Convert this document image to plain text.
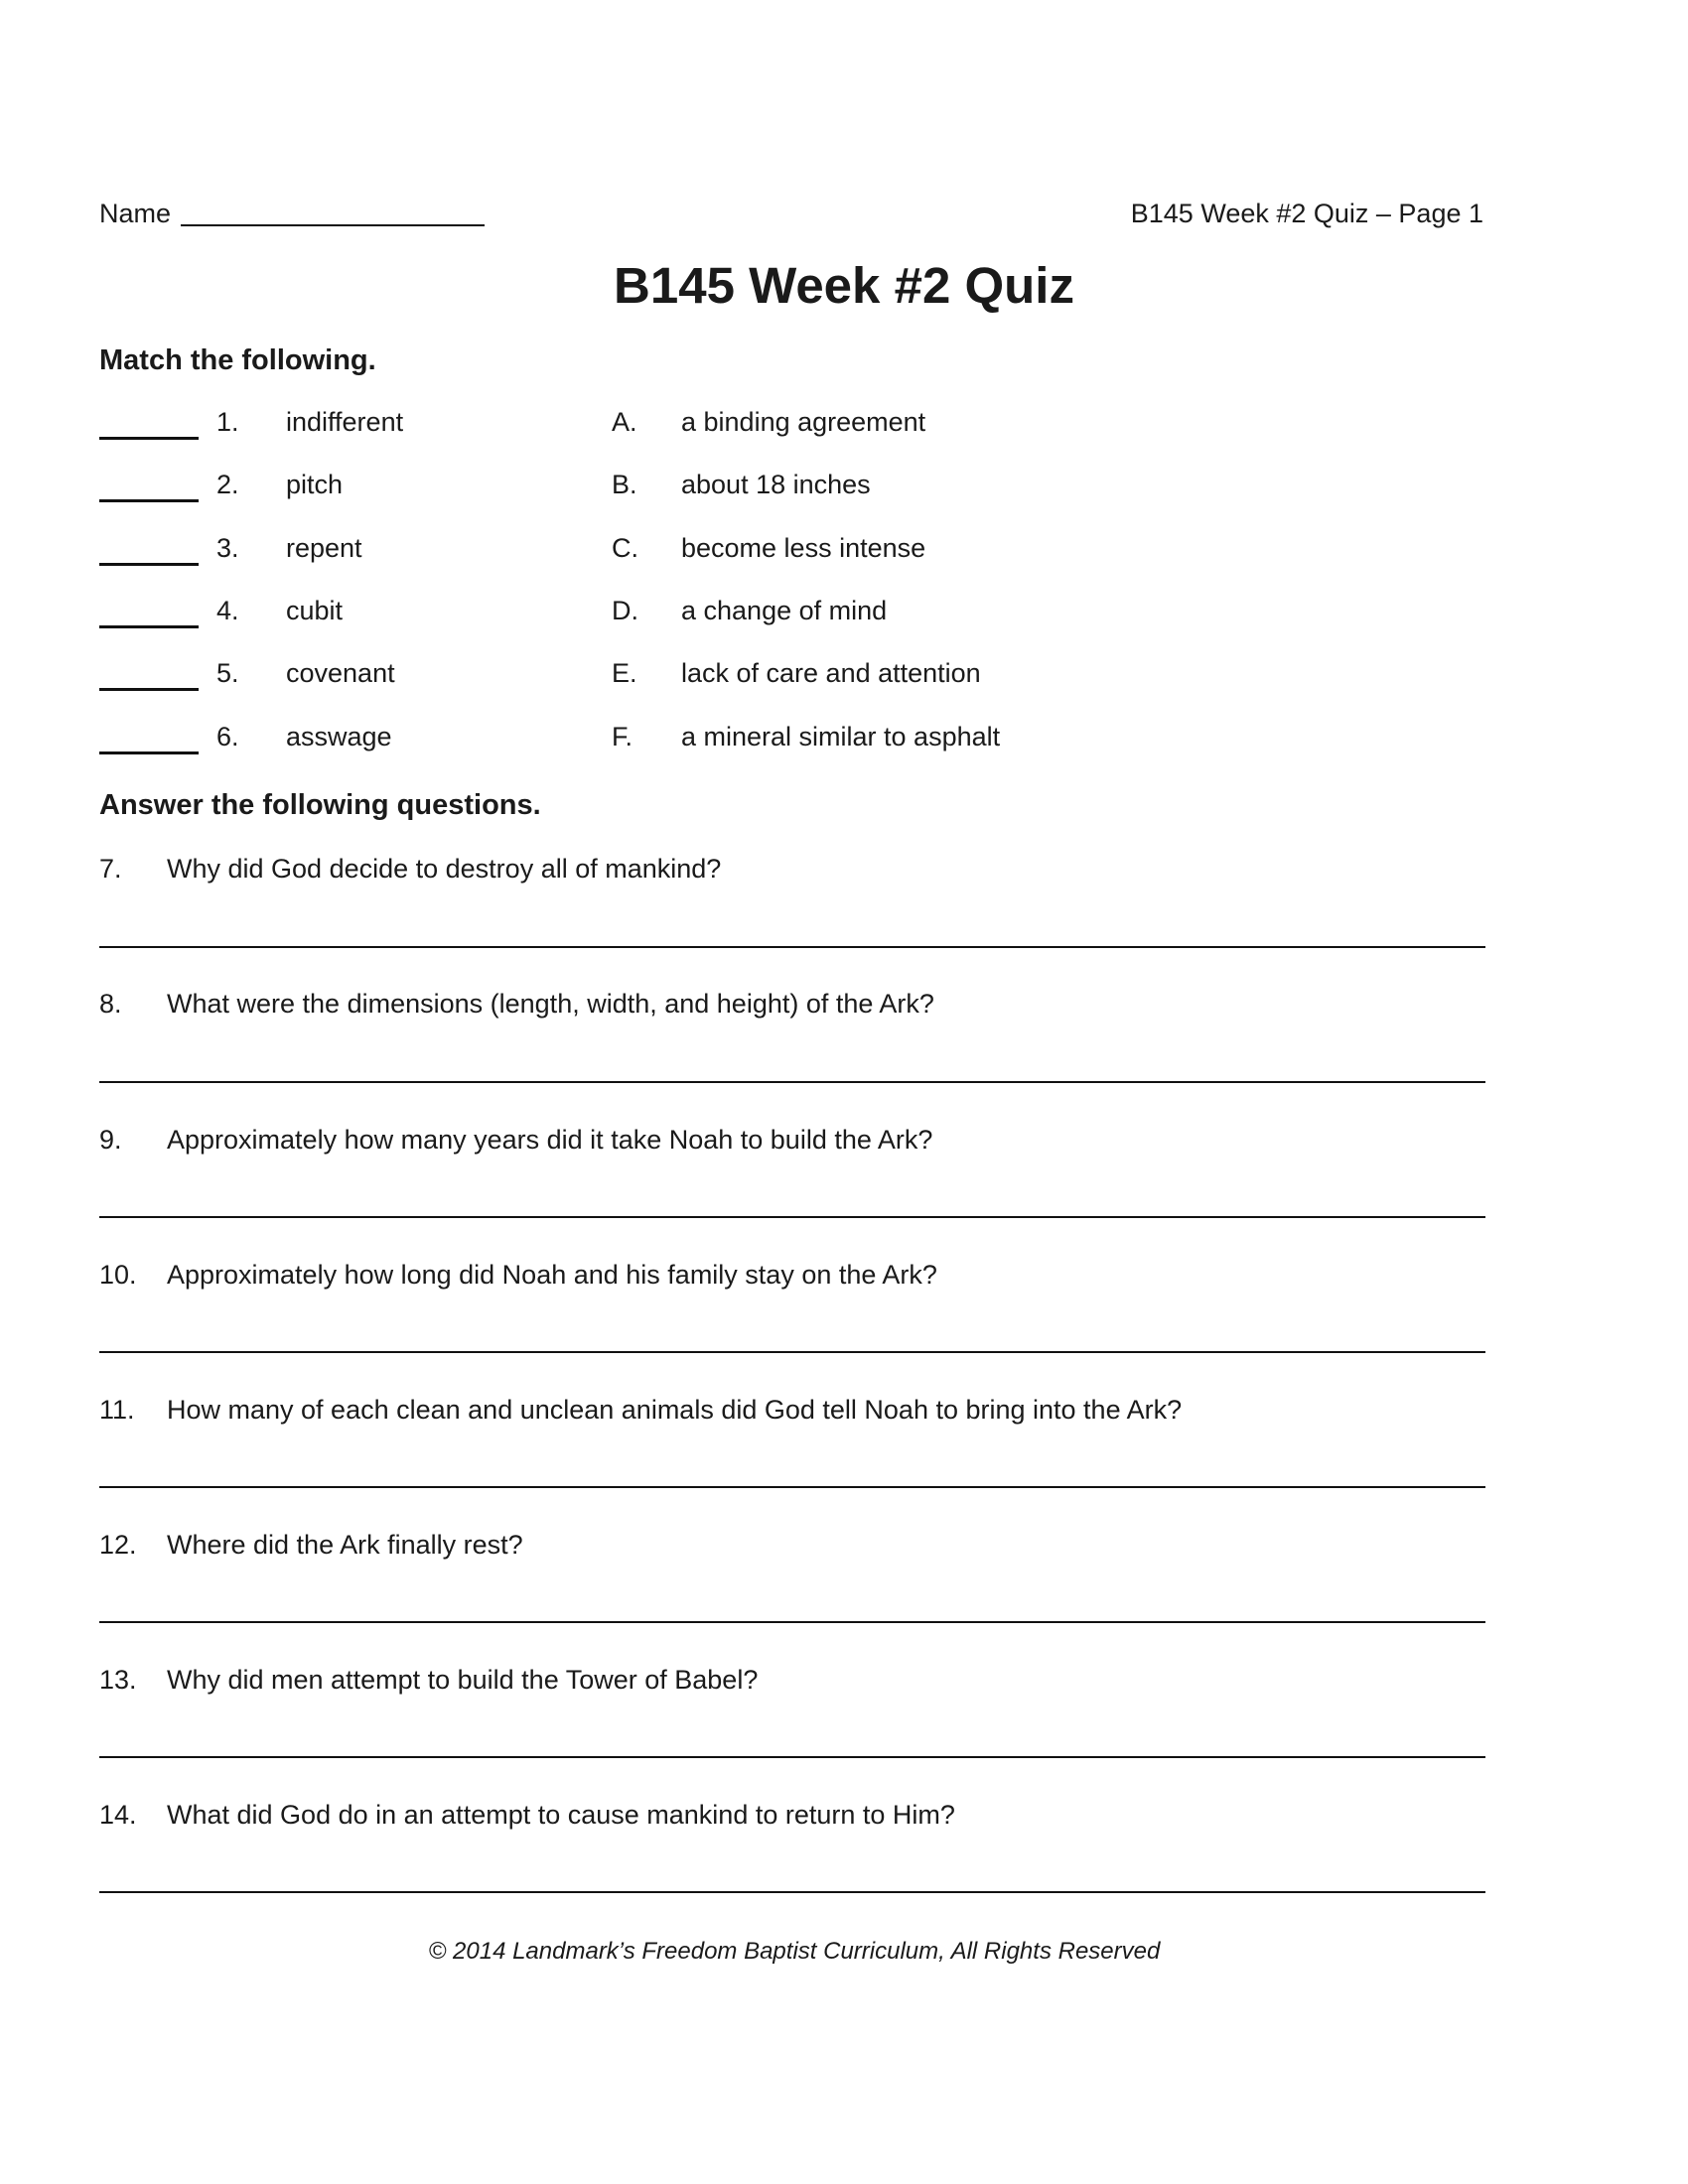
Name	B145 Week #2 Quiz – Page 1
B145 Week #2 Quiz
Match the following.
1. indifferent	A. a binding agreement
2. pitch	B. about 18 inches
3. repent	C. become less intense
4. cubit	D. a change of mind
5. covenant	E. lack of care and attention
6. asswage	F. a mineral similar to asphalt
Answer the following questions.
7. Why did God decide to destroy all of mankind?
8. What were the dimensions (length, width, and height) of the Ark?
9. Approximately how many years did it take Noah to build the Ark?
10. Approximately how long did Noah and his family stay on the Ark?
11. How many of each clean and unclean animals did God tell Noah to bring into the Ark?
12. Where did the Ark finally rest?
13. Why did men attempt to build the Tower of Babel?
14. What did God do in an attempt to cause mankind to return to Him?
© 2014 Landmark’s Freedom Baptist Curriculum, All Rights Reserved
